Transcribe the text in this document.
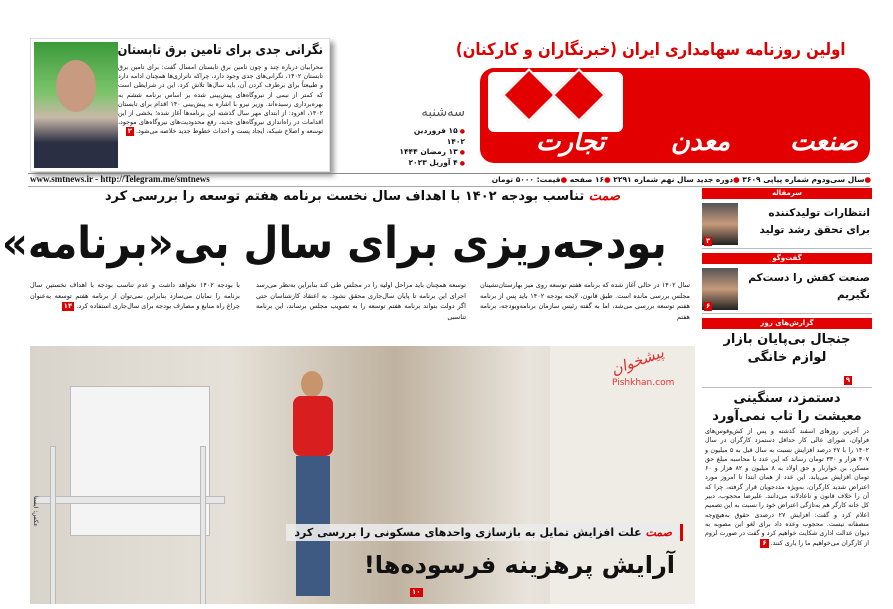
نگرانی جدی برای تامین برق تابستان

محرابیان درباره چند و چون تامین برق تابستان امسال گفت: برای تامین برق تابستان ۱۴۰۲، نگرانی‌های جدی وجود دارد، چراکه ناترازی‌ها همچنان ادامه دارد و طبیعتاً برای برطرف کردن آن، باید سال‌ها تلاش کرد. این در شرایطی است که کمتر از نیمی از نیروگاه‌های پیش‌بینی شده بر اساس برنامه ششم به بهره‌برداری رسیده‌اند. وزیر نیرو با اشاره به پیش‌بینی ۱۴۰ اقدام برای تابستان ۱۴۰۲، افزود: از ابتدای مهر سال گذشته این برنامه‌ها آغاز شده؛ بخشی از این اقدامات در راه‌اندازی نیروگاه‌های جدید، رفع محدودیت‌های نیروگاه‌های موجود، توسعه و اصلاح شبکه، ایجاد پست و احداث خطوط جدید خلاصه می‌شود. ۲

سه‌شنبه
● ۱۵ فروردین ۱۴۰۲
● ۱۳ رمضان ۱۴۴۴
● ۴ آوریل ۲۰۲۳
اولین روزنامه سهامداری ایران (خبرنگاران و کارکنان)
صنعت
معدن
تجارت
www.smtnews.ir - http://Telegram.me/smtnews	●سال سی‌ودوم شماره پیاپی ۳۶۰۹ ●دوره جدید سال نهم شماره ۲۲۹۱ ●۱۶ صفحه ●قیمت: ۵۰۰۰ تومان
صمت تناسب بودجه ۱۴۰۲ با اهداف سال نخست برنامه هفتم توسعه را بررسی کرد
بودجه‌ریزی برای سال بی«برنامه»
سال ۱۴۰۲ در حالی آغاز شده که برنامه هفتم توسعه روی میز بهارستان‌نشینان مجلس بررسی مانده است. طبق قانون، لایحه بودجه ۱۴۰۲ باید پس از برنامه هفتم توسعه بررسی می‌شد، اما به گفته رئیس سازمان برنامه‌وبودجه، برنامه هفتم
توسعه همچنان باید مراحل اولیه را در مجلس طی کند بنابراین به‌نظر می‌رسد اجرای این برنامه تا پایان سال‌جاری محقق نشود. به اعتقاد کارشناسان حتی اگر دولت بتواند برنامه هفتم توسعه را به تصویب مجلس برساند، این برنامه تناسبی
با بودجه ۱۴۰۲ نخواهد داشت و عدم تناسب بودجه با اهداف نخستین سال برنامه را نمایان می‌سازد بنابراین نمی‌توان از برنامه هفتم توسعه به‌عنوان چراغ راه منابع و مصارف بودجه برای سال‌جاری استفاده کرد. ۱۴
عکس: ایسنا
صمت علت افزایش تمایل به بازسازی واحدهای مسکونی را بررسی کرد
آرایش پرهزینه فرسوده‌ها!
۱۰
پیشخوان
Pishkhan.com
سرمقاله
انتظارات تولیدکننده برای تحقق رشد تولید
۳
گفت‌وگو
صنعت کفش را دست‌کم نگیریم
۶
گزارش‌های روز
جنجال بی‌پایان بازار لوازم خانگی
۹
دستمزد، سنگینی معیشت را تاب نمی‌آورد
در آخرین روزهای اسفند گذشته و پس از کش‌وقوس‌های فراوان، شورای عالی کار حداقل دستمزد کارگران در سال ۱۴۰۲ را با ۲۷ درصد افزایش نسبت به سال قبل به ۵ میلیون و ۳۰۷ هزار و ۳۳۰ تومان رساند که این عدد با محاسبه مبلغ حق مسکن، بن خواربار و حق اولاد به ۸ میلیون و ۸۲ هزار و ۶۰ تومان افزایش می‌یابد. این عدد از همان ابتدا تا امروز مورد اعتراض شدید کارگران، به‌ویژه مددجویان قرار گرفته، چرا که آن را خلاف قانون و ناعادلانه می‌دانند. علیرضا محجوب، دبیر کل خانه کارگر هم به‌تازگی اعتراض خود را نسبت به این تصمیم اعلام کرد و گفت: افزایش ۲۷ درصدی حقوق به‌هیچ‌وجه منصفانه نیست. محجوب وعده داد برای لغو این مصوبه به دیوان عدالت اداری شکایت خواهیم کرد و گفت در صورت لزوم از کارگران می‌خواهیم ما را یاری کنند. ۶
